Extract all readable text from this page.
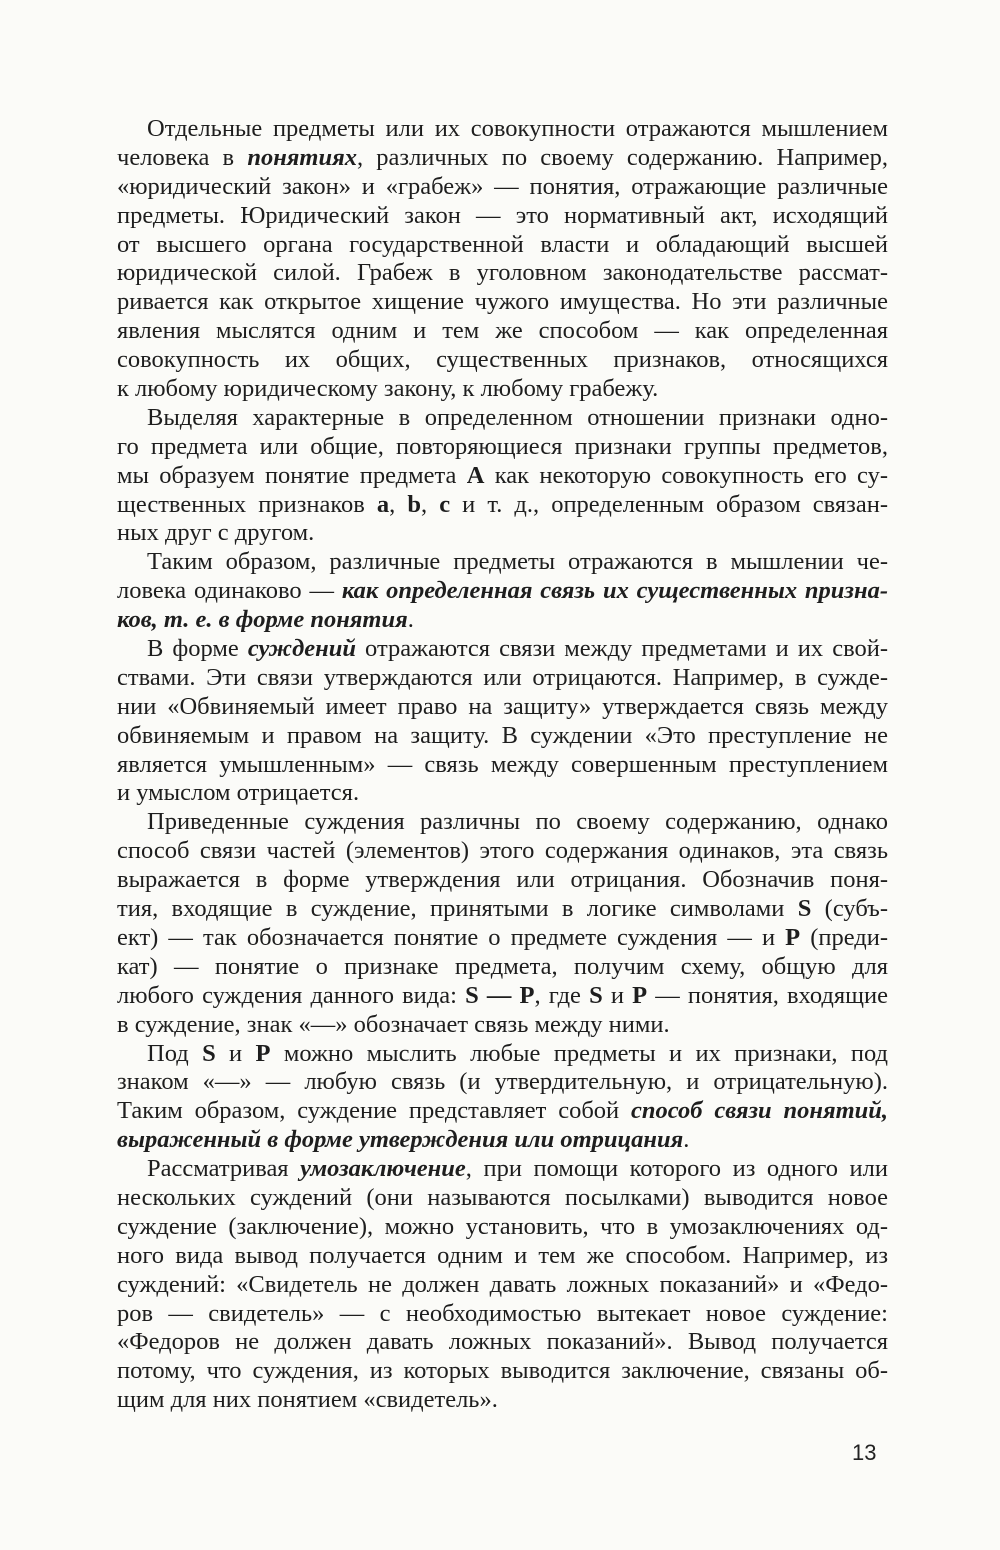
Отдельные предметы или их совокупности отражаются мышлением
человека в понятиях, различных по своему содержанию. Например,
«юридический закон» и «грабеж» — понятия, отражающие различные
предметы. Юридический закон — это нормативный акт, исходящий
от высшего органа государственной власти и обладающий высшей
юридической силой. Грабеж в уголовном законодательстве рассмат-
ривается как открытое хищение чужого имущества. Но эти различные
явления мыслятся одним и тем же способом — как определенная
совокупность их общих, существенных признаков, относящихся
к любому юридическому закону, к любому грабежу.
Выделяя характерные в определенном отношении признаки одно-
го предмета или общие, повторяющиеся признаки группы предметов,
мы образуем понятие предмета А как некоторую совокупность его су-
щественных признаков a, b, c и т. д., определенным образом связан-
ных друг с другом.
Таким образом, различные предметы отражаются в мышлении че-
ловека одинаково — как определенная связь их существенных призна-
ков, т. е. в форме понятия.
В форме суждений отражаются связи между предметами и их свой-
ствами. Эти связи утверждаются или отрицаются. Например, в сужде-
нии «Обвиняемый имеет право на защиту» утверждается связь между
обвиняемым и правом на защиту. В суждении «Это преступление не
является умышленным» — связь между совершенным преступлением
и умыслом отрицается.
Приведенные суждения различны по своему содержанию, однако
способ связи частей (элементов) этого содержания одинаков, эта связь
выражается в форме утверждения или отрицания. Обозначив поня-
тия, входящие в суждение, принятыми в логике символами S (субъ-
ект) — так обозначается понятие о предмете суждения — и P (преди-
кат) — понятие о признаке предмета, получим схему, общую для
любого суждения данного вида: S — P, где S и P — понятия, входящие
в суждение, знак «—» обозначает связь между ними.
Под S и P можно мыслить любые предметы и их признаки, под
знаком «—» — любую связь (и утвердительную, и отрицательную).
Таким образом, суждение представляет собой способ связи понятий,
выраженный в форме утверждения или отрицания.
Рассматривая умозаключение, при помощи которого из одного или
нескольких суждений (они называются посылками) выводится новое
суждение (заключение), можно установить, что в умозаключениях од-
ного вида вывод получается одним и тем же способом. Например, из
суждений: «Свидетель не должен давать ложных показаний» и «Федо-
ров — свидетель» — с необходимостью вытекает новое суждение:
«Федоров не должен давать ложных показаний». Вывод получается
потому, что суждения, из которых выводится заключение, связаны об-
щим для них понятием «свидетель».
13
